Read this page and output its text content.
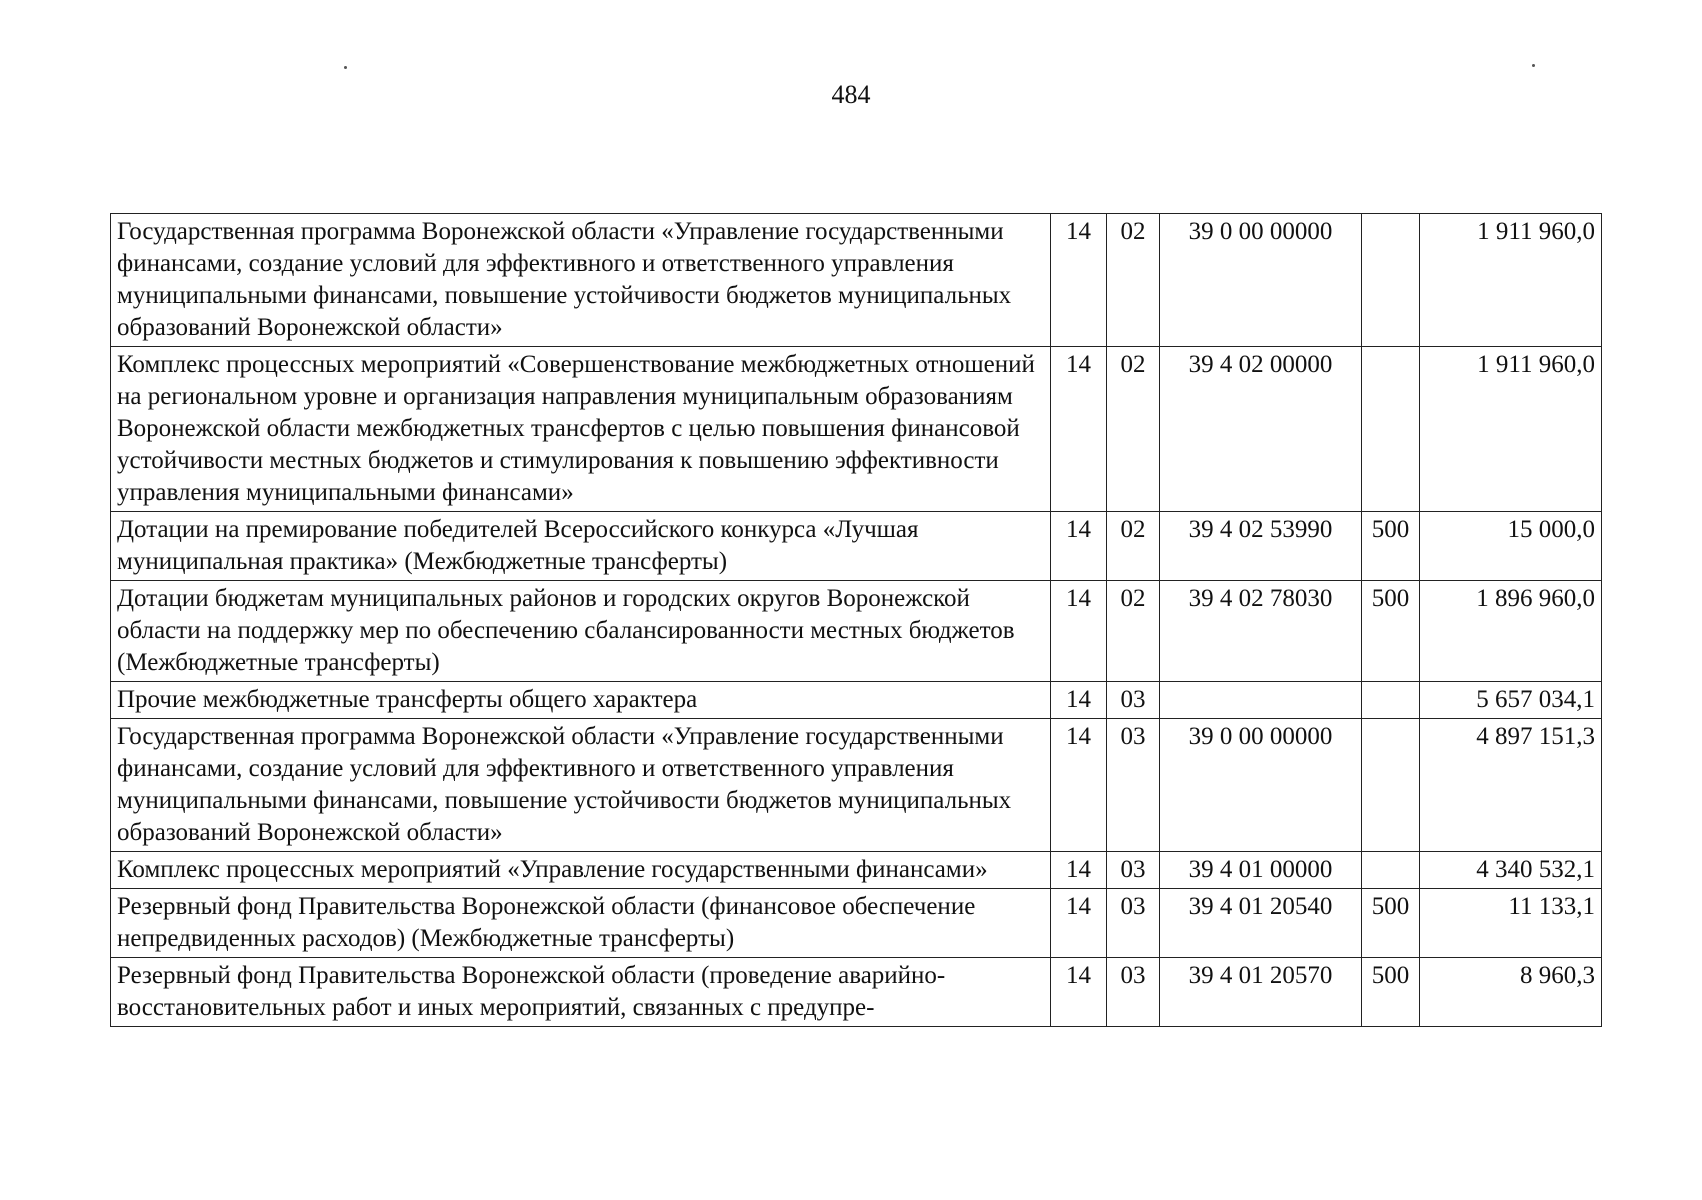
484
Государственная программа Воронежской области «Управление государственными финансами, создание условий для эффективного и ответственного управления муниципальными финансами, повышение устойчивости бюджетов муниципальных образований Воронежской области»	14	02	39 0 00 00000		1 911 960,0
Комплекс процессных мероприятий «Совершенствование межбюджетных отношений на региональном уровне и организация направления муниципальным образованиям Воронежской области межбюджетных трансфертов с целью повышения финансовой устойчивости местных бюджетов и стимулирования к повышению эффективности управления муниципальными финансами»	14	02	39 4 02 00000		1 911 960,0
Дотации на премирование победителей Всероссийского конкурса «Лучшая муниципальная практика» (Межбюджетные трансферты)	14	02	39 4 02 53990	500	15 000,0
Дотации бюджетам муниципальных районов и городских округов Воронежской области на поддержку мер по обеспечению сбалансированности местных бюджетов (Межбюджетные трансферты)	14	02	39 4 02 78030	500	1 896 960,0
Прочие межбюджетные трансферты общего характера	14	03			5 657 034,1
Государственная программа Воронежской области «Управление государственными финансами, создание условий для эффективного и ответственного управления муниципальными финансами, повышение устойчивости бюджетов муниципальных образований Воронежской области»	14	03	39 0 00 00000		4 897 151,3
Комплекс процессных мероприятий «Управление государственными финансами»	14	03	39 4 01 00000		4 340 532,1
Резервный фонд Правительства Воронежской области (финансовое обеспечение непредвиденных расходов) (Межбюджетные трансферты)	14	03	39 4 01 20540	500	11 133,1
Резервный фонд Правительства Воронежской области (проведение аварийно-восстановительных работ и иных мероприятий, связанных с предупре-	14	03	39 4 01 20570	500	8 960,3
